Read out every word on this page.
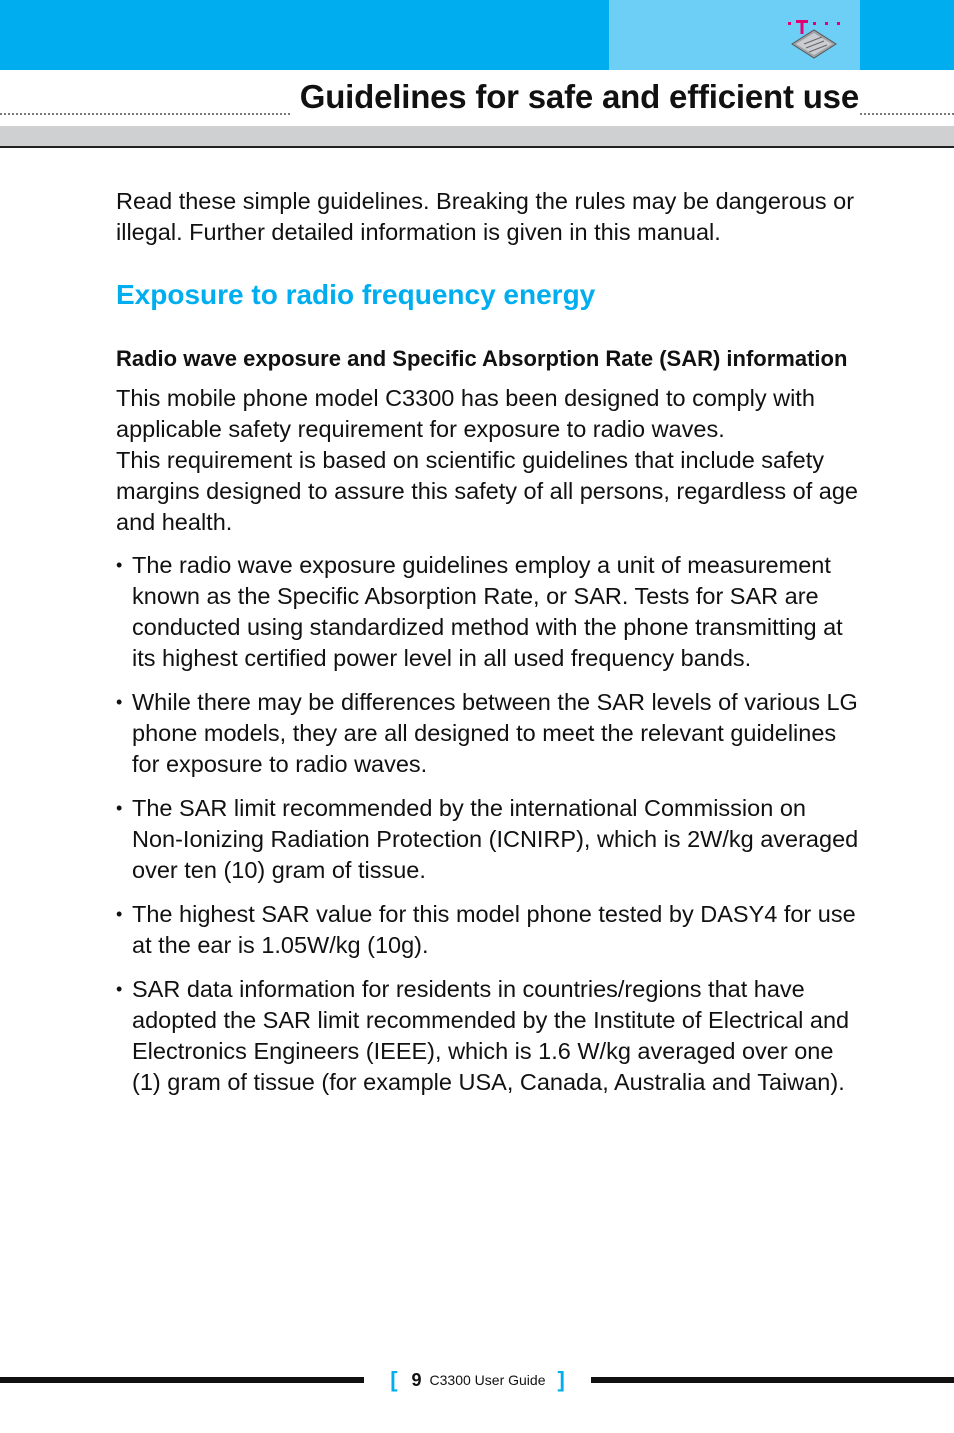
Guidelines for safe and efficient use

Read these simple guidelines. Breaking the rules may be dangerous or illegal. Further detailed information is given in this manual.

Exposure to radio frequency energy
Radio wave exposure and Specific Absorption Rate (SAR) information

This mobile phone model C3300 has been designed to comply with applicable safety requirement for exposure to radio waves.
This requirement is based on scientific guidelines that include safety margins designed to assure this safety of all persons, regardless of age and health.

• The radio wave exposure guidelines employ a unit of measurement known as the Specific Absorption Rate, or SAR. Tests for SAR are conducted using standardized method with the phone transmitting at its highest certified power level in all used frequency bands.
• While there may be differences between the SAR levels of various LG phone models, they are all designed to meet the relevant guidelines for exposure to radio waves.
• The SAR limit recommended by the international Commission on Non-Ionizing Radiation Protection (ICNIRP), which is 2W/kg averaged over ten (10) gram of tissue.
• The highest SAR value for this model phone tested by DASY4 for use at the ear is 1.05W/kg (10g).
• SAR data information for residents in countries/regions that have adopted the SAR limit recommended by the Institute of Electrical and Electronics Engineers (IEEE), which is 1.6 W/kg averaged over one (1) gram of tissue (for example USA, Canada, Australia and Taiwan).
[ 9 C3300 User Guide ]
